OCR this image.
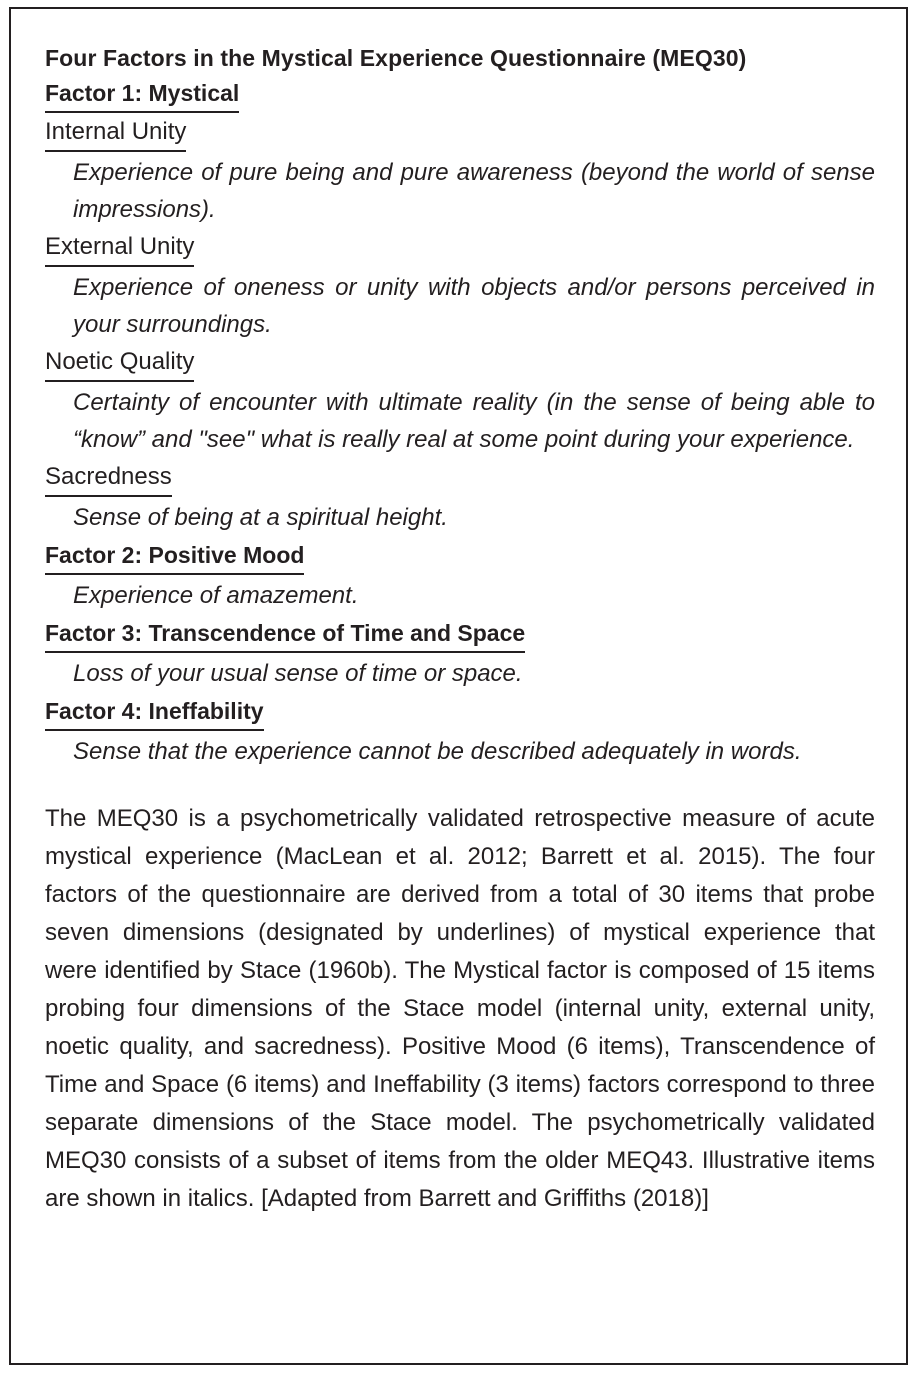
Four Factors in the Mystical Experience Questionnaire (MEQ30)
Factor 1: Mystical
Internal Unity
Experience of pure being and pure awareness (beyond the world of sense impressions).
External Unity
Experience of oneness or unity with objects and/or persons perceived in your surroundings.
Noetic Quality
Certainty of encounter with ultimate reality (in the sense of being able to “know” and "see" what is really real at some point during your experience.
Sacredness
Sense of being at a spiritual height.
Factor 2: Positive Mood
Experience of amazement.
Factor 3: Transcendence of Time and Space
Loss of your usual sense of time or space.
Factor 4: Ineffability
Sense that the experience cannot be described adequately in words.
The MEQ30 is a psychometrically validated retrospective measure of acute mystical experience (MacLean et al. 2012; Barrett et al. 2015). The four factors of the questionnaire are derived from a total of 30 items that probe seven dimensions (designated by underlines) of mystical experience that were identified by Stace (1960b). The Mystical factor is composed of 15 items probing four dimensions of the Stace model (internal unity, external unity, noetic quality, and sacredness). Positive Mood (6 items), Transcendence of Time and Space (6 items) and Ineffability (3 items) factors correspond to three separate dimensions of the Stace model. The psychometrically validated MEQ30 consists of a subset of items from the older MEQ43. Illustrative items are shown in italics. [Adapted from Barrett and Griffiths (2018)]
